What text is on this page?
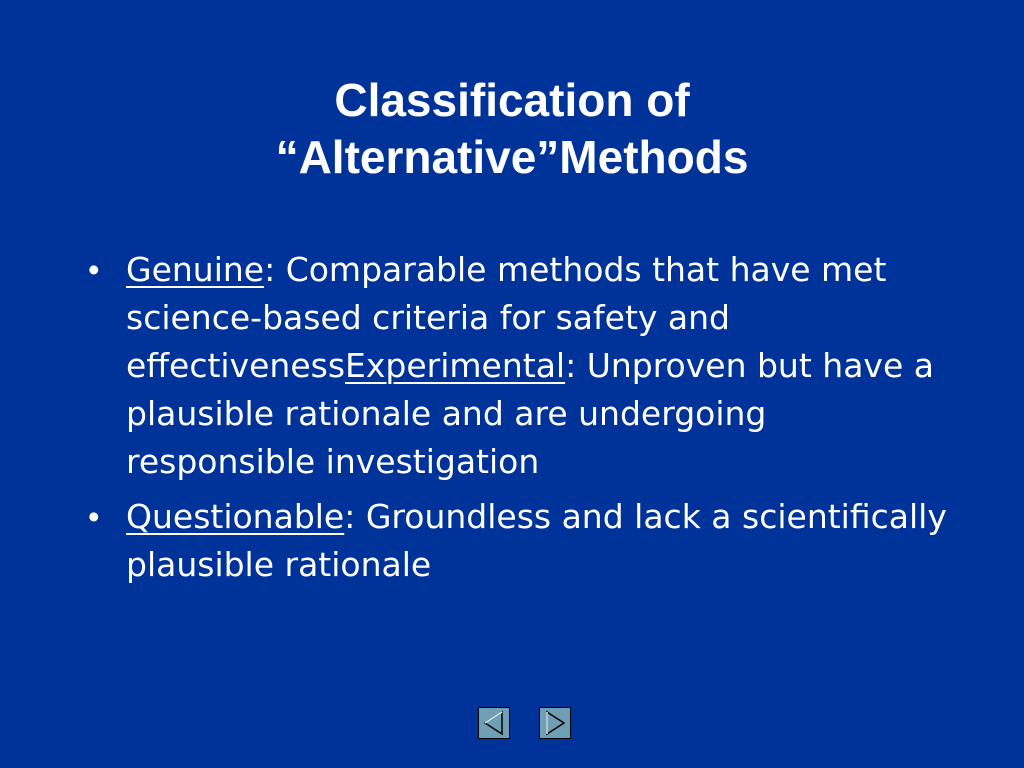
Classification of
“Alternative”Methods
• Genuine: Comparable methods that have met science-based criteria for safety and effectivenessExperimental: Unproven but have a plausible rationale and are undergoing responsible investigation
• Questionable: Groundless and lack a scientifically plausible rationale
